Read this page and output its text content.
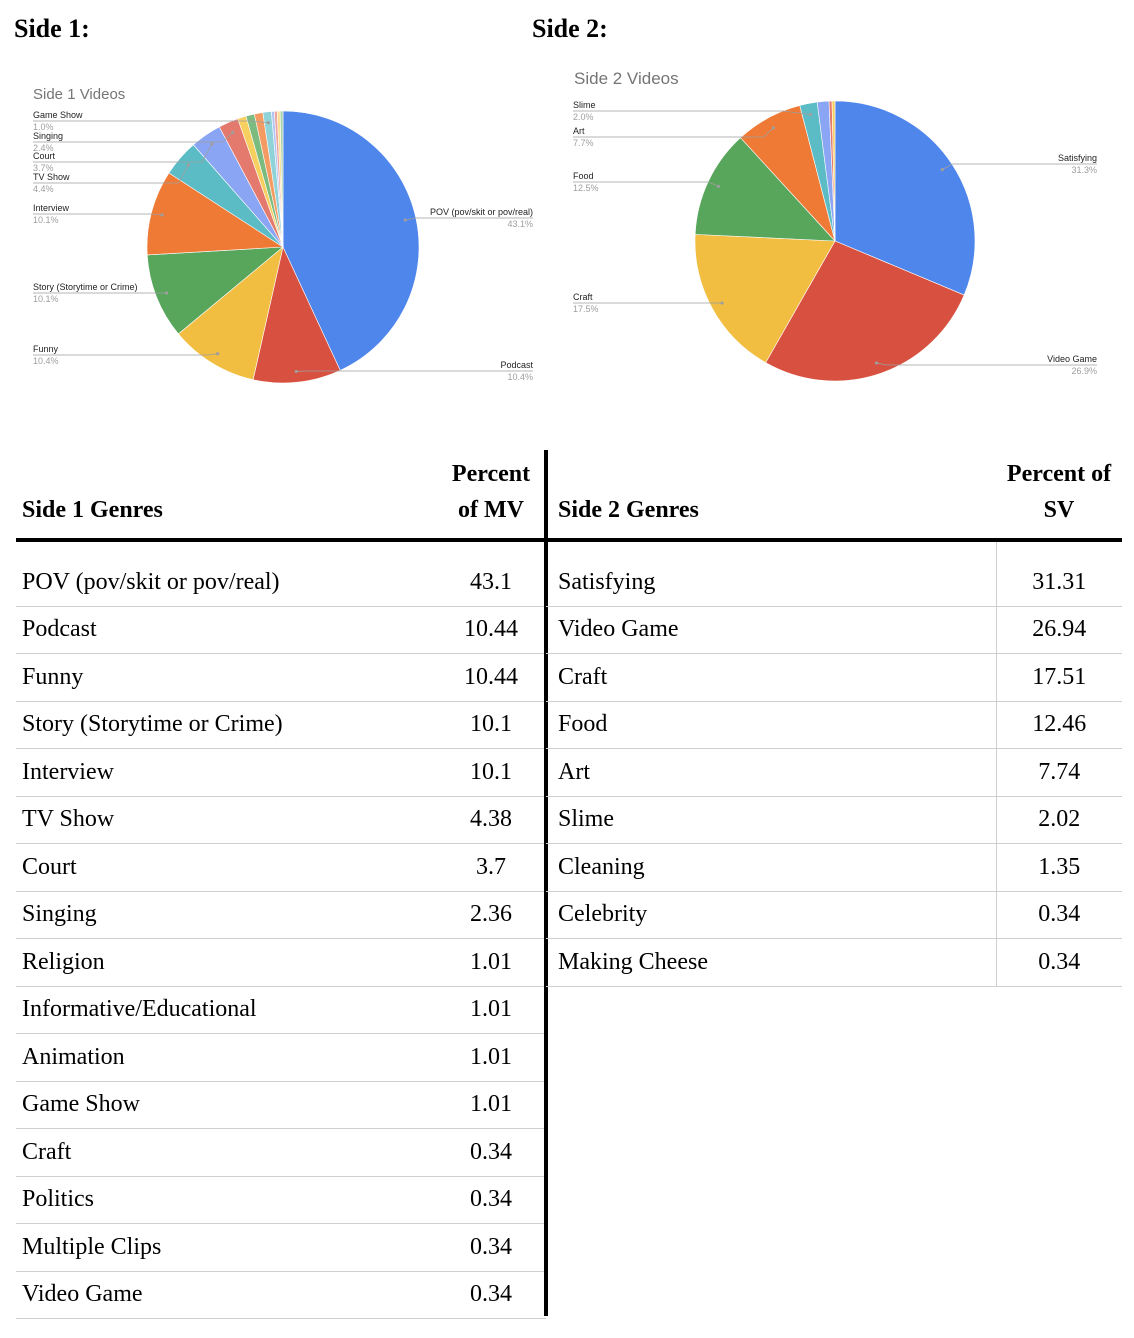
Side 1:	Side 2:
Side 1 Videos
POV (pov/skit or pov/real)
43.1%
Podcast
10.4%
Funny
10.4%
Story (Storytime or Crime)
10.1%
Interview
10.1%
TV Show
4.4%
Court
3.7%
Singing
2.4%
Game Show
1.0%
Side 2 Videos
Satisfying
31.3%
Video Game
26.9%
Craft
17.5%
Art
7.7%
Food
12.5%
Slime
2.0%
Side 1 Genres	Percent of MV
POV (pov/skit or pov/real)	43.1
Podcast	10.44
Funny	10.44
Story (Storytime or Crime)	10.1
Interview	10.1
TV Show	4.38
Court	3.7
Singing	2.36
Religion	1.01
Informative/Educational	1.01
Animation	1.01
Game Show	1.01
Craft	0.34
Politics	0.34
Multiple Clips	0.34
Video Game	0.34
Side 2 Genres	Percent of SV
Satisfying	31.31
Video Game	26.94
Craft	17.51
Food	12.46
Art	7.74
Slime	2.02
Cleaning	1.35
Celebrity	0.34
Making Cheese	0.34
